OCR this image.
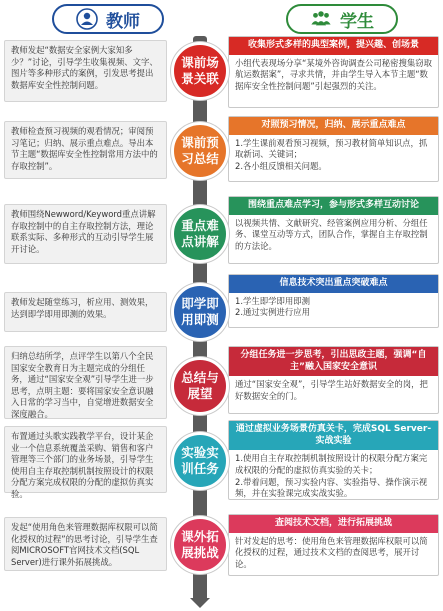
教师	学生
教师发起“数据安全家例大家知多少？”讨论，引导学生收集视频、文字、图片等多种形式的案例，引发思考提出数据库安全性控制问题。
课前场景关联
收集形式多样的典型案例，提兴趣、创场景
小组代表现场分享“某境外咨询调查公司秘密搜集窃取航运数据案”，寻求共情，并由学生导入本节主题“数据库安全性控制问题”引起强烈的关注。
教师检查预习视频的观看情况；审阅预习笔记；归纳、展示重点难点。导出本节主题“数据库安全性控制常用方法中的存取控制”。
课前预习总结
对照预习情况，归纳、展示重点难点
1.学生课前观看预习视频，预习教材简单知识点，抓取新词、关键词；
2.各小组反馈相关问题。
教师围绕Newword/Keyword重点讲解存取控制中的自主存取控制方法，理论联系实际、多种形式的互动引导学生展开讨论。
重点难点讲解
围绕重点难点学习，参与形式多样互动讨论
以视频共情、文献研究、经管案例应用分析、分组任务、课堂互动等方式，团队合作，掌握自主存取控制的方法论。
教师发起随堂练习，析应用、测效果，达到即学即用即测的效果。
即学即用即测
信息技术突出重点突破难点
1.学生即学即用即测
2.通过实例进行应用
归纳总结所学，点评学生以第八个全民国家安全教育日为主题完成的分组任务，通过“国家安全观”引导学生进一步思考，点明主题：要将国家安全意识融入日常的学习当中，自觉增进数据安全深度融合。
总结与展望
分组任务进一步思考，引出思政主题，强调“自主”融入国家安全意识
通过“国家安全观”，引导学生站好数据安全的岗，把好数据安全的门。
布置通过头歌实践教学平台，设计某企业一个信息系统覆盖采购、销售和客户管理等三个部门的业务场景，引导学生使用自主存取控制机制按照设计的权限分配方案完成权限的分配的虚拟仿真实验。
实验实训任务
通过虚拟业务场景仿真关卡，完成SQL Server-实战实验
1.使用自主存取控制机制按照设计的权限分配方案完成权限的分配的虚拟仿真实验的关卡；
2.带着问题，预习实验内容、实验指导、操作演示视频，并在实验课完成实战实验。
发起“使用角色来管理数据库权限可以简化授权的过程”的思考讨论，引导学生查阅MICROSOFT官网技术文档(SQL Server)进行课外拓展挑战。
课外拓展挑战
查阅技术文档，进行拓展挑战
针对发起的思考：使用角色来管理数据库权限可以简化授权的过程，通过技术文档的查阅思考，展开讨论。
